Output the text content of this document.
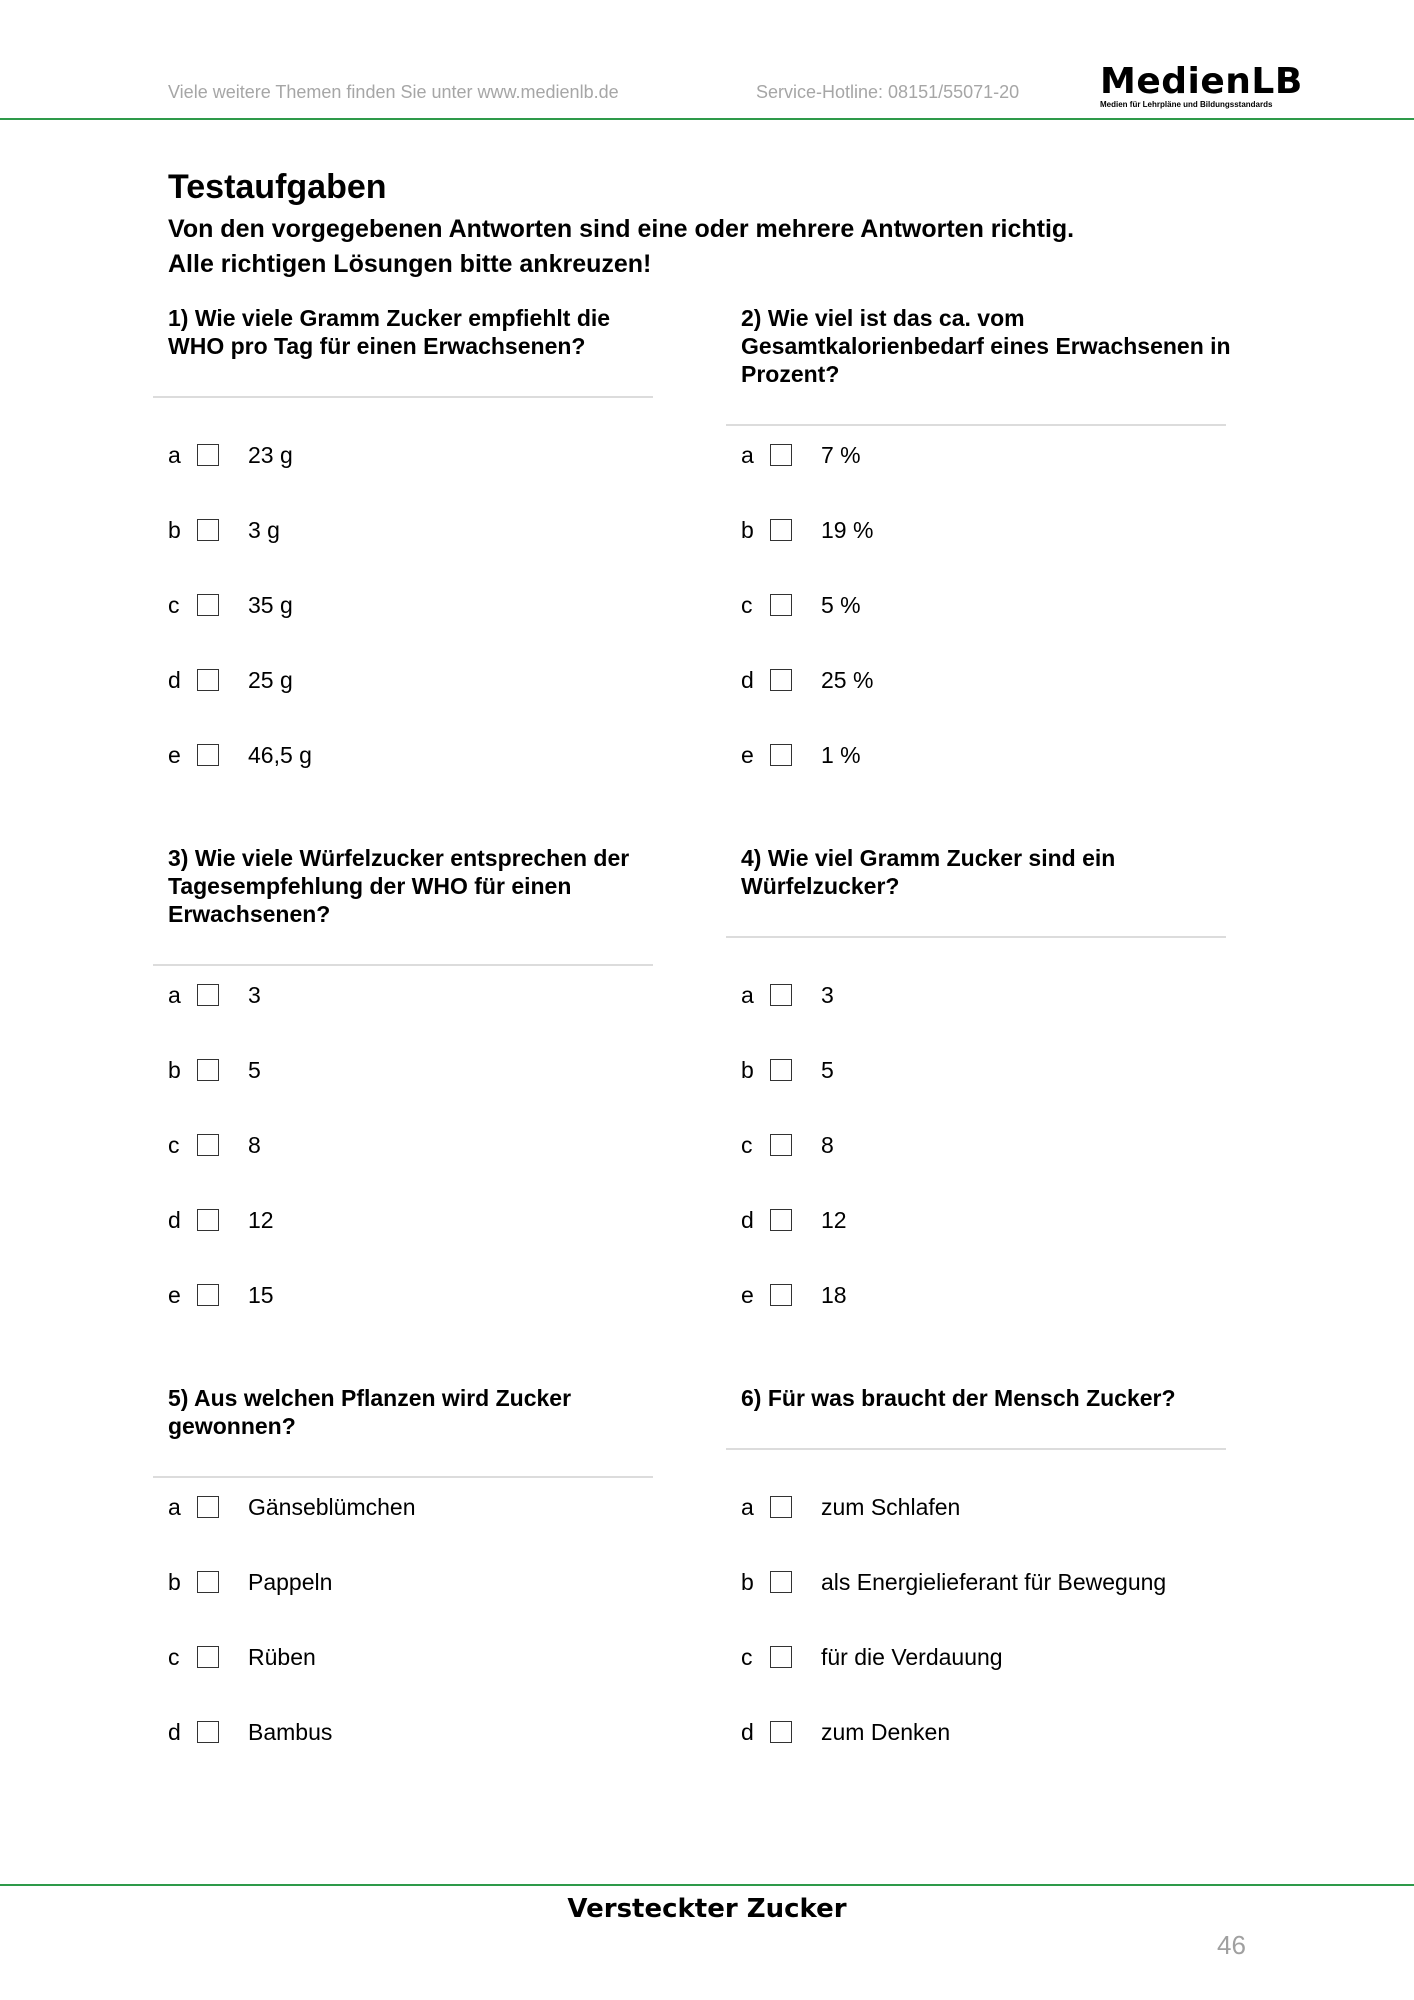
Viele weitere Themen finden Sie unter www.medienlb.de	Service-Hotline: 08151/55071-20 MedienLB
Medien für Lehrpläne und Bildungsstandards
Testaufgaben
Von den vorgegebenen Antworten sind eine oder mehrere Antworten richtig.
Alle richtigen Lösungen bitte ankreuzen!
1) Wie viele Gramm Zucker empfiehlt die
WHO pro Tag für einen Erwachsenen?
a	23 g
b	3 g
c	35 g
d	25 g
e	46,5 g
2) Wie viel ist das ca. vom
Gesamtkalorienbedarf eines Erwachsenen in
Prozent?
a	7 %
b	19 %
c	5 %
d	25 %
e	1 %
3) Wie viele Würfelzucker entsprechen der
Tagesempfehlung der WHO für einen
Erwachsenen?
a	3
b	5
c	8
d	12
e	15
4) Wie viel Gramm Zucker sind ein
Würfelzucker?
a	3
b	5
c	8
d	12
e	18
5) Aus welchen Pflanzen wird Zucker
gewonnen?
a	Gänseblümchen
b	Pappeln
c	Rüben
d	Bambus
6) Für was braucht der Mensch Zucker?
a	zum Schlafen
b	als Energielieferant für Bewegung
c	für die Verdauung
d	zum Denken
Versteckter Zucker
46
